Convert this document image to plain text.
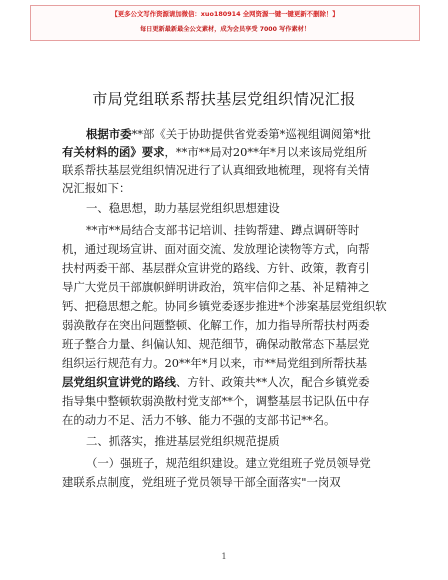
【更多公文写作资源请加微信：xuo180914 全网资源一键一键更新不删除！】
每日更新最新最全公文素材，成为会员享受 7000 写作素材！
市局党组联系帮扶基层党组织情况汇报
根据市委**部《关于协助提供省党委第*巡视组调阅第*批
有关材料的函》要求，**市**局对20**年*月以来该局党组所
联系帮扶基层党组织情况进行了认真细致地梳理，现将有关情
况汇报如下：
一、稳思想，助力基层党组织思想建设
**市**局结合支部书记培训、挂钩帮建、蹲点调研等时
机，通过现场宣讲、面对面交流、发放理论读物等方式，向帮
扶村两委干部、基层群众宣讲党的路线、方针、政策，教育引
导广大党员干部旗帜鲜明讲政治，筑牢信仰之基、补足精神之
钙、把稳思想之舵。协同乡镇党委逐步推进*个涉案基层党组织软
弱涣散存在突出问题整顿、化解工作，加力指导所帮扶村两委
班子整合力量、纠偏认知、规范细节，确保动散常态下基层党
组织运行规范有力。20**年*月以来，市**局党组到所帮扶基
层党组织宣讲党的路线、方针、政策共**人次，配合乡镇党委
指导集中整顿软弱涣散村党支部**个，调整基层书记队伍中存
在的动力不足、活力不够、能力不强的支部书记**名。
二、抓落实，推进基层党组织规范提质
（一）强班子，规范组织建设。建立党组班子党员领导党
建联系点制度，党组班子党员领导干部全面落实"一岗双
1
